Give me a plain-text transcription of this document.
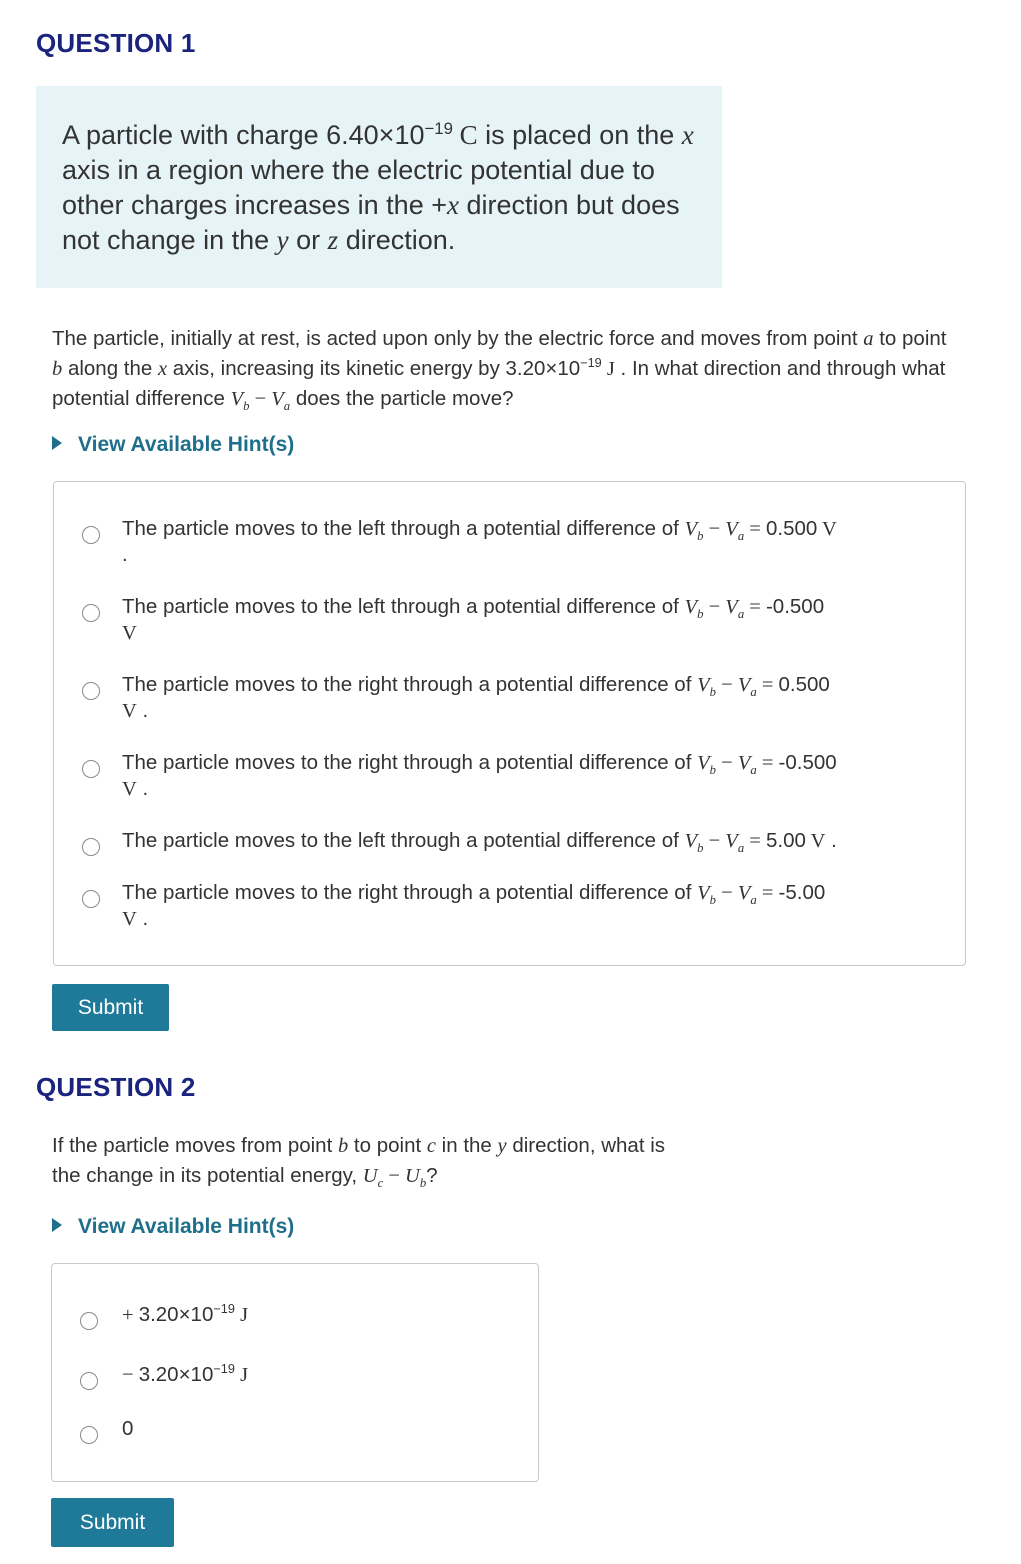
QUESTION 1
A particle with charge $6.40\times 10^{-19}$ C is placed on the x axis in a region where the electric potential due to other charges increases in the +x direction but does not change in the y or z direction.
The particle, initially at rest, is acted upon only by the electric force and moves from point a to point b along the x axis, increasing its kinetic energy by $3.20\times 10^{-19}$ J . In what direction and through what potential difference $V_b - V_a$ does the particle move?
View Available Hint(s)
The particle moves to the left through a potential difference of $V_b - V_a = 0.500$ V
.
The particle moves to the left through a potential difference of $V_b - V_a = -0.500$
V
The particle moves to the right through a potential difference of $V_b - V_a = 0.500$
V .
The particle moves to the right through a potential difference of $V_b - V_a = -0.500$
V .
The particle moves to the left through a potential difference of $V_b - V_a = 5.00$ V .
The particle moves to the right through a potential difference of $V_b - V_a = -5.00$
V .
Submit
QUESTION 2
If the particle moves from point b to point c in the y direction, what is the change in its potential energy, $U_c - U_b$?
View Available Hint(s)
+ $3.20\times 10^{-19}$ J
− $3.20\times 10^{-19}$ J
0
Submit
